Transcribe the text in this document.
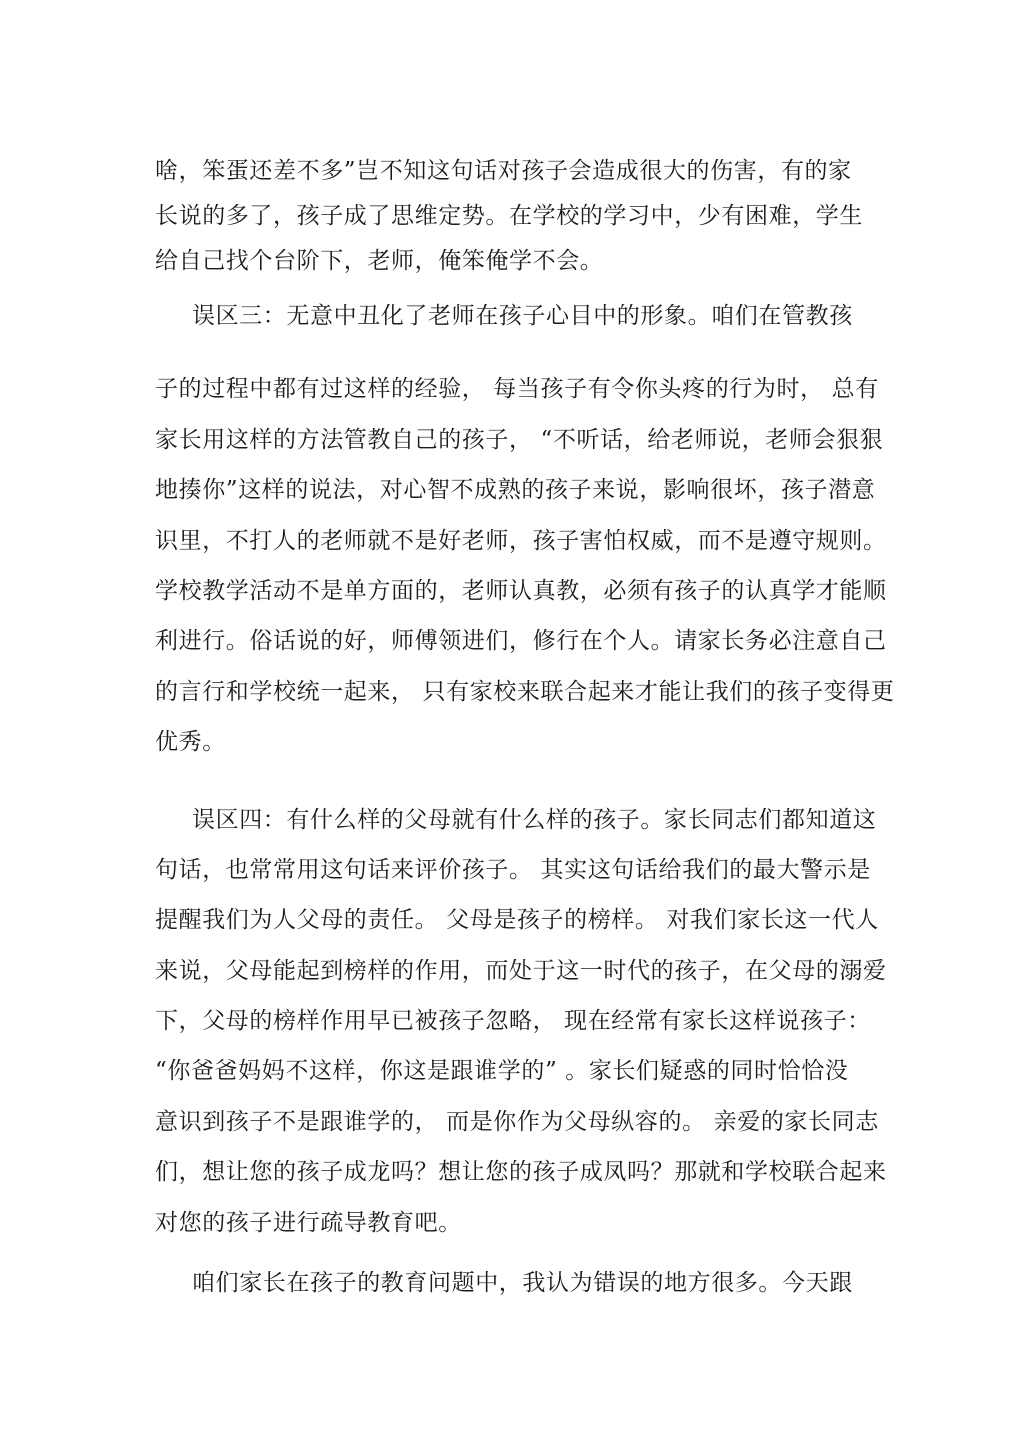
啥，笨蛋还差不多”岂不知这句话对孩子会造成很大的伤害，有的家
长说的多了，孩子成了思维定势。在学校的学习中，少有困难，学生
给自己找个台阶下，老师，俺笨俺学不会。
误区三：无意中丑化了老师在孩子心目中的形象。咱们在管教孩
子的过程中都有过这样的经验， 每当孩子有令你头疼的行为时， 总有
家长用这样的方法管教自己的孩子， “不听话，给老师说，老师会狠狠
地揍你”这样的说法，对心智不成熟的孩子来说，影响很坏，孩子潜意
识里，不打人的老师就不是好老师，孩子害怕权威，而不是遵守规则。
学校教学活动不是单方面的，老师认真教，必须有孩子的认真学才能顺
利进行。俗话说的好，师傅领进们，修行在个人。请家长务必注意自己
的言行和学校统一起来， 只有家校来联合起来才能让我们的孩子变得更
优秀。
误区四：有什么样的父母就有什么样的孩子。家长同志们都知道这
句话，也常常用这句话来评价孩子。 其实这句话给我们的最大警示是
提醒我们为人父母的责任。 父母是孩子的榜样。 对我们家长这一代人
来说，父母能起到榜样的作用，而处于这一时代的孩子，在父母的溺爱
下，父母的榜样作用早已被孩子忽略， 现在经常有家长这样说孩子：
“你爸爸妈妈不这样，你这是跟谁学的” 。家长们疑惑的同时恰恰没
意识到孩子不是跟谁学的， 而是你作为父母纵容的。 亲爱的家长同志
们，想让您的孩子成龙吗？想让您的孩子成凤吗？那就和学校联合起来
对您的孩子进行疏导教育吧。
咱们家长在孩子的教育问题中，我认为错误的地方很多。今天跟
